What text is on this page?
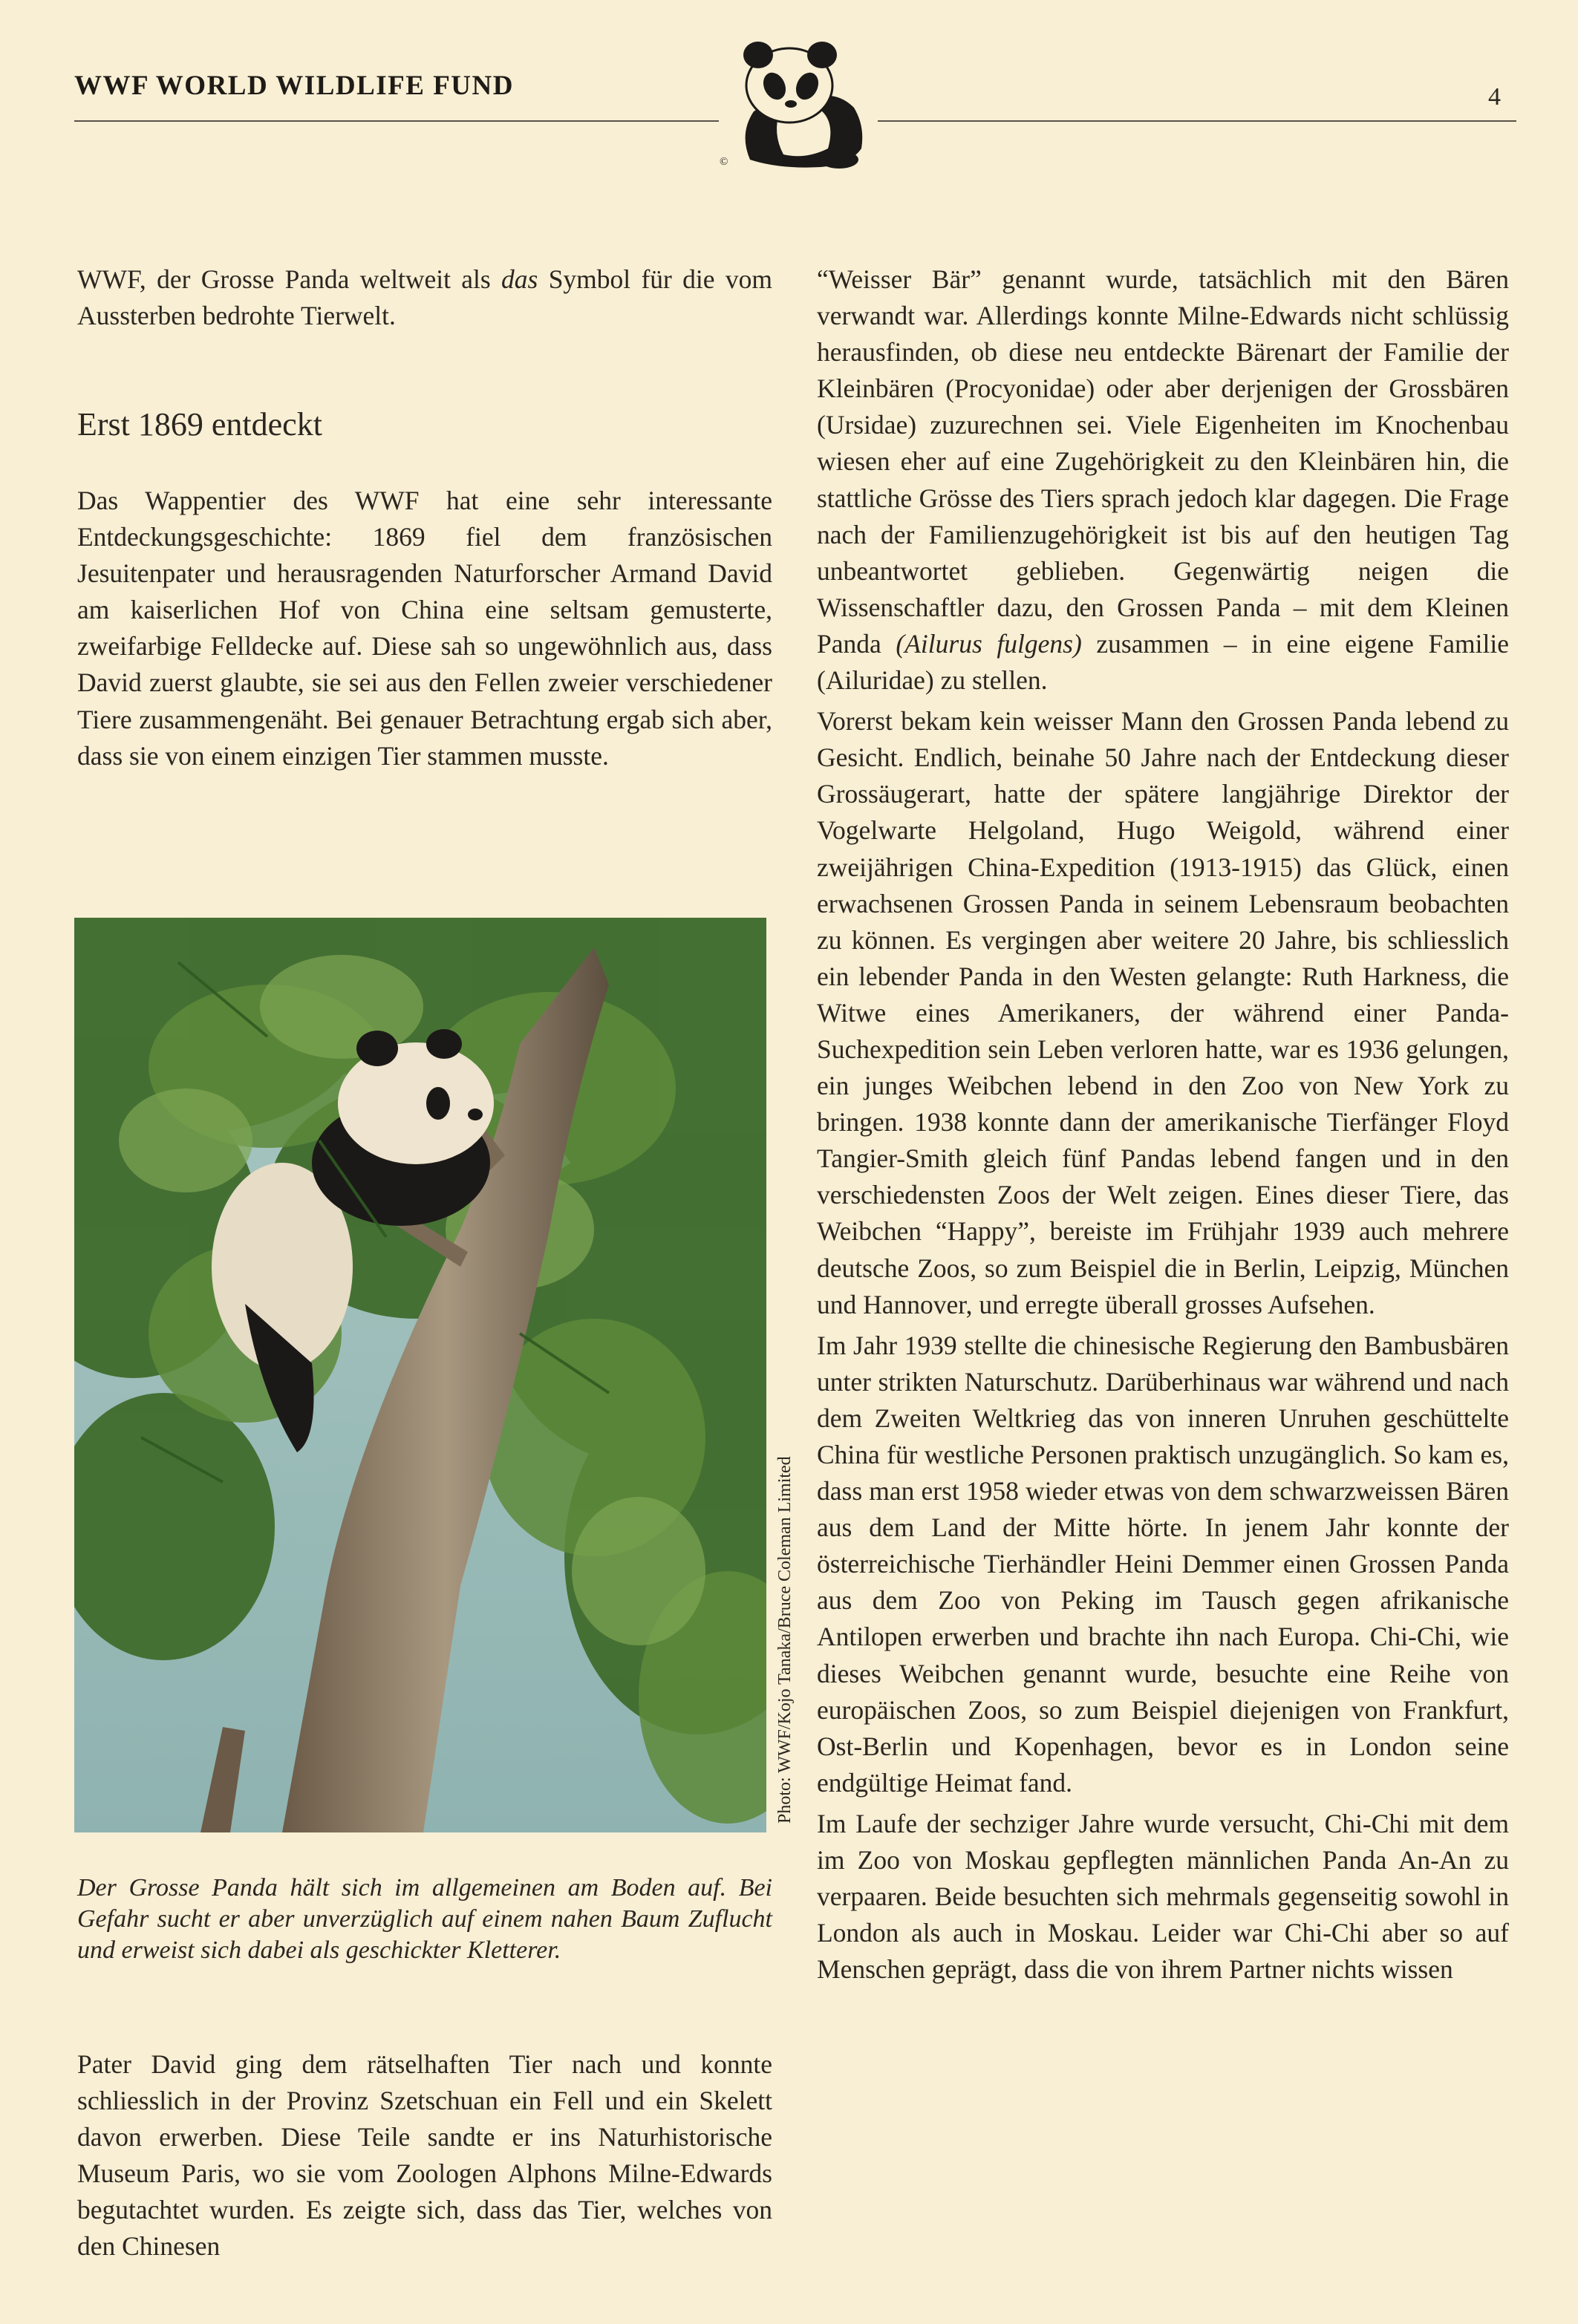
WWF WORLD WILDLIFE FUND
©
4

WWF, der Grosse Panda weltweit als das Symbol für die vom Aussterben bedrohte Tierwelt.

Erst 1869 entdeckt

Das Wappentier des WWF hat eine sehr interessante Entdeckungsgeschichte: 1869 fiel dem französischen Jesuitenpater und herausragenden Naturforscher Armand David am kaiserlichen Hof von China eine seltsam gemusterte, zweifarbige Felldecke auf. Diese sah so ungewöhnlich aus, dass David zuerst glaubte, sie sei aus den Fellen zweier verschiedener Tiere zusammengenäht. Bei genauer Betrachtung ergab sich aber, dass sie von einem einzigen Tier stammen musste.

Photo: WWF/Kojo Tanaka/Bruce Coleman Limited

Der Grosse Panda hält sich im allgemeinen am Boden auf. Bei Gefahr sucht er aber unverzüglich auf einem nahen Baum Zuflucht und erweist sich dabei als geschickter Kletterer.

Pater David ging dem rätselhaften Tier nach und konnte schliesslich in der Provinz Szetschuan ein Fell und ein Skelett davon erwerben. Diese Teile sandte er ins Naturhistorische Museum Paris, wo sie vom Zoologen Alphons Milne-Edwards begutachtet wurden. Es zeigte sich, dass das Tier, welches von den Chinesen

“Weisser Bär” genannt wurde, tatsächlich mit den Bären verwandt war. Allerdings konnte Milne-Edwards nicht schlüssig herausfinden, ob diese neu entdeckte Bärenart der Familie der Kleinbären (Procyonidae) oder aber derjenigen der Grossbären (Ursidae) zuzurechnen sei. Viele Eigenheiten im Knochenbau wiesen eher auf eine Zugehörigkeit zu den Kleinbären hin, die stattliche Grösse des Tiers sprach jedoch klar dagegen. Die Frage nach der Familienzugehörigkeit ist bis auf den heutigen Tag unbeantwortet geblieben. Gegenwärtig neigen die Wissenschaftler dazu, den Grossen Panda – mit dem Kleinen Panda (Ailurus fulgens) zusammen – in eine eigene Familie (Ailuridae) zu stellen.

Vorerst bekam kein weisser Mann den Grossen Panda lebend zu Gesicht. Endlich, beinahe 50 Jahre nach der Entdeckung dieser Grossäugerart, hatte der spätere langjährige Direktor der Vogelwarte Helgoland, Hugo Weigold, während einer zweijährigen China-Expedition (1913-1915) das Glück, einen erwachsenen Grossen Panda in seinem Lebensraum beobachten zu können. Es vergingen aber weitere 20 Jahre, bis schliesslich ein lebender Panda in den Westen gelangte: Ruth Harkness, die Witwe eines Amerikaners, der während einer Panda-Suchexpedition sein Leben verloren hatte, war es 1936 gelungen, ein junges Weibchen lebend in den Zoo von New York zu bringen. 1938 konnte dann der amerikanische Tierfänger Floyd Tangier-Smith gleich fünf Pandas lebend fangen und in den verschiedensten Zoos der Welt zeigen. Eines dieser Tiere, das Weibchen “Happy”, bereiste im Frühjahr 1939 auch mehrere deutsche Zoos, so zum Beispiel die in Berlin, Leipzig, München und Hannover, und erregte überall grosses Aufsehen.

Im Jahr 1939 stellte die chinesische Regierung den Bambusbären unter strikten Naturschutz. Darüberhinaus war während und nach dem Zweiten Weltkrieg das von inneren Unruhen geschüttelte China für westliche Personen praktisch unzugänglich. So kam es, dass man erst 1958 wieder etwas von dem schwarzweissen Bären aus dem Land der Mitte hörte. In jenem Jahr konnte der österreichische Tierhändler Heini Demmer einen Grossen Panda aus dem Zoo von Peking im Tausch gegen afrikanische Antilopen erwerben und brachte ihn nach Europa. Chi-Chi, wie dieses Weibchen genannt wurde, besuchte eine Reihe von europäischen Zoos, so zum Beispiel diejenigen von Frankfurt, Ost-Berlin und Kopenhagen, bevor es in London seine endgültige Heimat fand.

Im Laufe der sechziger Jahre wurde versucht, Chi-Chi mit dem im Zoo von Moskau gepflegten männlichen Panda An-An zu verpaaren. Beide besuchten sich mehrmals gegenseitig sowohl in London als auch in Moskau. Leider war Chi-Chi aber so auf Menschen geprägt, dass die von ihrem Partner nichts wissen
